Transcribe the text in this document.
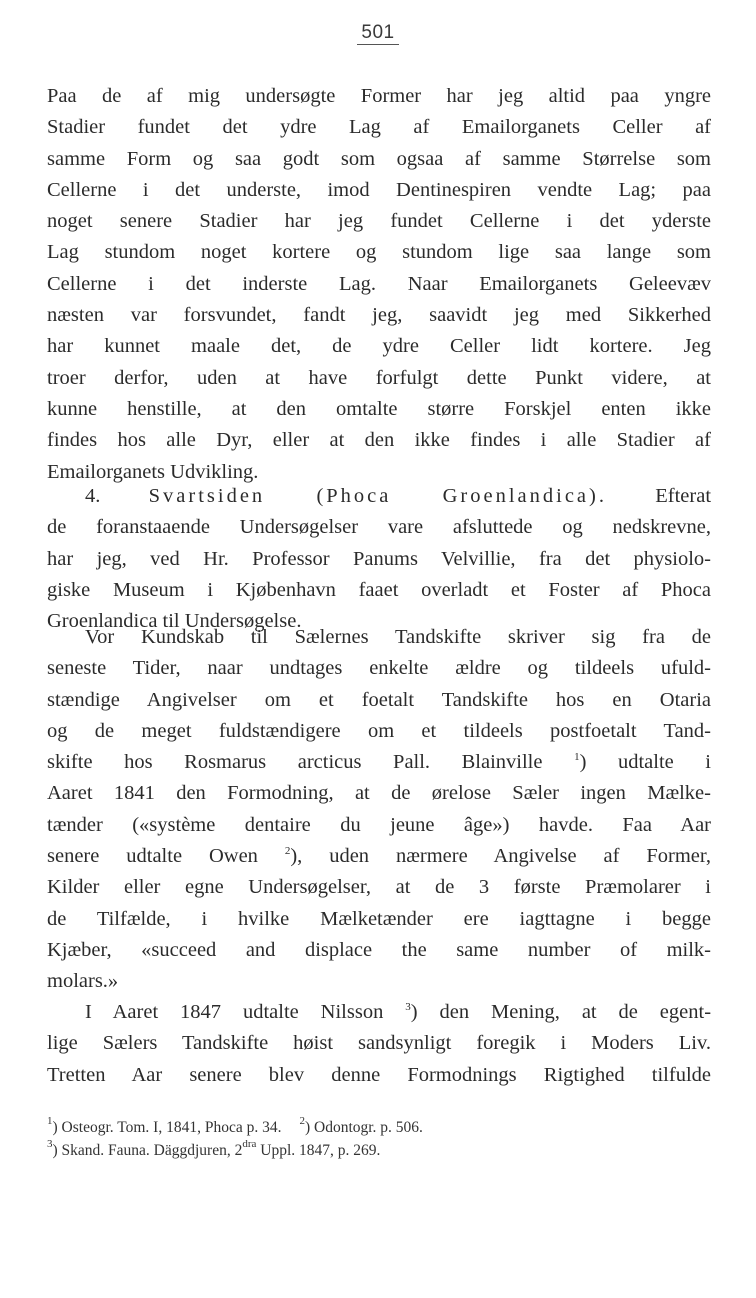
501
Paa de af mig undersøgte Former har jeg altid paa yngre
Stadier fundet det ydre Lag af Emailorganets Celler af
samme Form og saa godt som ogsaa af samme Størrelse som
Cellerne i det underste, imod Dentinespiren vendte Lag; paa
noget senere Stadier har jeg fundet Cellerne i det yderste
Lag stundom noget kortere og stundom lige saa lange som
Cellerne i det inderste Lag. Naar Emailorganets Geleevæv
næsten var forsvundet, fandt jeg, saavidt jeg med Sikkerhed
har kunnet maale det, de ydre Celler lidt kortere. Jeg
troer derfor, uden at have forfulgt dette Punkt videre, at
kunne henstille, at den omtalte større Forskjel enten ikke
findes hos alle Dyr, eller at den ikke findes i alle Stadier af
Emailorganets Udvikling.
4. Svartsiden (Phoca Groenlandica). Efterat
de foranstaaende Undersøgelser vare afsluttede og nedskrevne,
har jeg, ved Hr. Professor Panums Velvillie, fra det physiolo-
giske Museum i Kjøbenhavn faaet overladt et Foster af Phoca
Groenlandica til Undersøgelse.
Vor Kundskab til Sælernes Tandskifte skriver sig fra de
seneste Tider, naar undtages enkelte ældre og tildeels ufuld-
stændige Angivelser om et foetalt Tandskifte hos en Otaria
og de meget fuldstændigere om et tildeels postfoetalt Tand-
skifte hos Rosmarus arcticus Pall. Blainville	$^1$) udtalte i
Aaret 1841 den Formodning, at de ørelose Sæler ingen Mælke-
tænder («système dentaire du jeune âge») havde. Faa Aar
senere udtalte Owen $^2$), uden nærmere Angivelse af Former,
Kilder eller egne Undersøgelser, at de 3 første Præmolarer i
de Tilfælde, i hvilke Mælketænder ere iagttagne i begge
Kjæber, «succeed and displace the same number of milk-
molars.»
I Aaret 1847 udtalte Nilsson $^3$) den Mening, at de egent-
lige Sælers Tandskifte høist sandsynligt foregik i Moders Liv.
Tretten Aar senere blev denne Formodnings Rigtighed tilfulde
$^1$) Osteogr. Tom. I, 1841, Phoca p. 34. $^2$) Odontogr. p. 506.
$^3$) Skand. Fauna. Däggdjuren, $2^{dra}$ Uppl. 1847, p. 269.
